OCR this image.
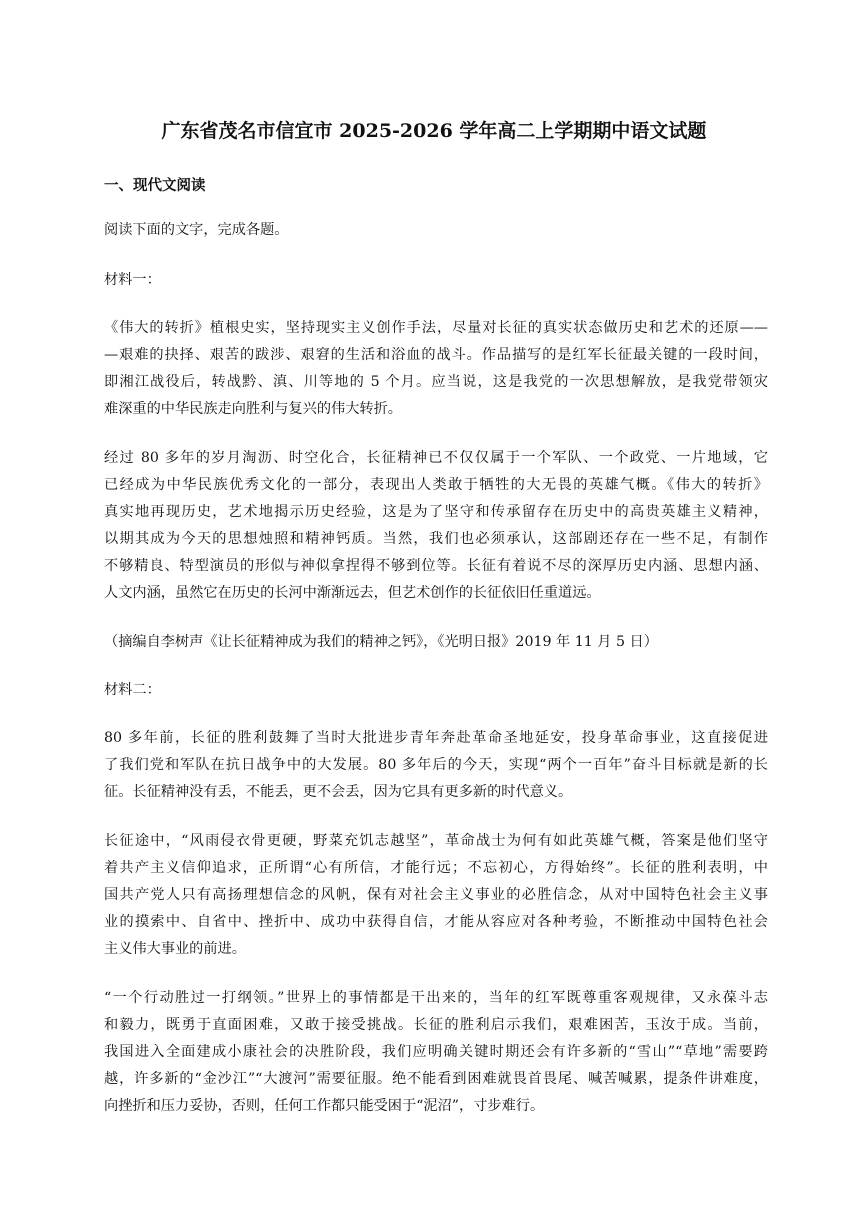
广东省茂名市信宜市 2025-2026 学年高二上学期期中语文试题
一、现代文阅读
阅读下面的文字，完成各题。
材料一：
《伟大的转折》植根史实，坚持现实主义创作手法，尽量对长征的真实状态做历史和艺术的还原——
—艰难的抉择、艰苦的跋涉、艰窘的生活和浴血的战斗。作品描写的是红军长征最关键的一段时间，
即湘江战役后，转战黔、滇、川等地的 5 个月。应当说，这是我党的一次思想解放，是我党带领灾
难深重的中华民族走向胜利与复兴的伟大转折。
经过 80 多年的岁月淘沥、时空化合，长征精神已不仅仅属于一个军队、一个政党、一片地域，它
已经成为中华民族优秀文化的一部分，表现出人类敢于牺牲的大无畏的英雄气概。《伟大的转折》
真实地再现历史，艺术地揭示历史经验，这是为了坚守和传承留存在历史中的高贵英雄主义精神，
以期其成为今天的思想烛照和精神钙质。当然，我们也必须承认，这部剧还存在一些不足，有制作
不够精良、特型演员的形似与神似拿捏得不够到位等。长征有着说不尽的深厚历史内涵、思想内涵、
人文内涵，虽然它在历史的长河中渐渐远去，但艺术创作的长征依旧任重道远。
（摘编自李树声《让长征精神成为我们的精神之钙》，《光明日报》2019 年 11 月 5 日）
材料二：
80 多年前，长征的胜利鼓舞了当时大批进步青年奔赴革命圣地延安，投身革命事业，这直接促进
了我们党和军队在抗日战争中的大发展。80 多年后的今天，实现“两个一百年”奋斗目标就是新的长
征。长征精神没有丢，不能丢，更不会丢，因为它具有更多新的时代意义。
长征途中，“风雨侵衣骨更硬，野菜充饥志越坚”，革命战士为何有如此英雄气概，答案是他们坚守
着共产主义信仰追求，正所谓“心有所信，才能行远；不忘初心，方得始终”。长征的胜利表明，中
国共产党人只有高扬理想信念的风帆，保有对社会主义事业的必胜信念，从对中国特色社会主义事
业的摸索中、自省中、挫折中、成功中获得自信，才能从容应对各种考验，不断推动中国特色社会
主义伟大事业的前进。
“一个行动胜过一打纲领。”世界上的事情都是干出来的，当年的红军既尊重客观规律，又永葆斗志
和毅力，既勇于直面困难，又敢于接受挑战。长征的胜利启示我们，艰难困苦，玉汝于成。当前，
我国进入全面建成小康社会的决胜阶段，我们应明确关键时期还会有许多新的“雪山”“草地”需要跨
越，许多新的“金沙江”“大渡河”需要征服。绝不能看到困难就畏首畏尾、喊苦喊累，提条件讲难度，
向挫折和压力妥协，否则，任何工作都只能受困于“泥沼”，寸步难行。
